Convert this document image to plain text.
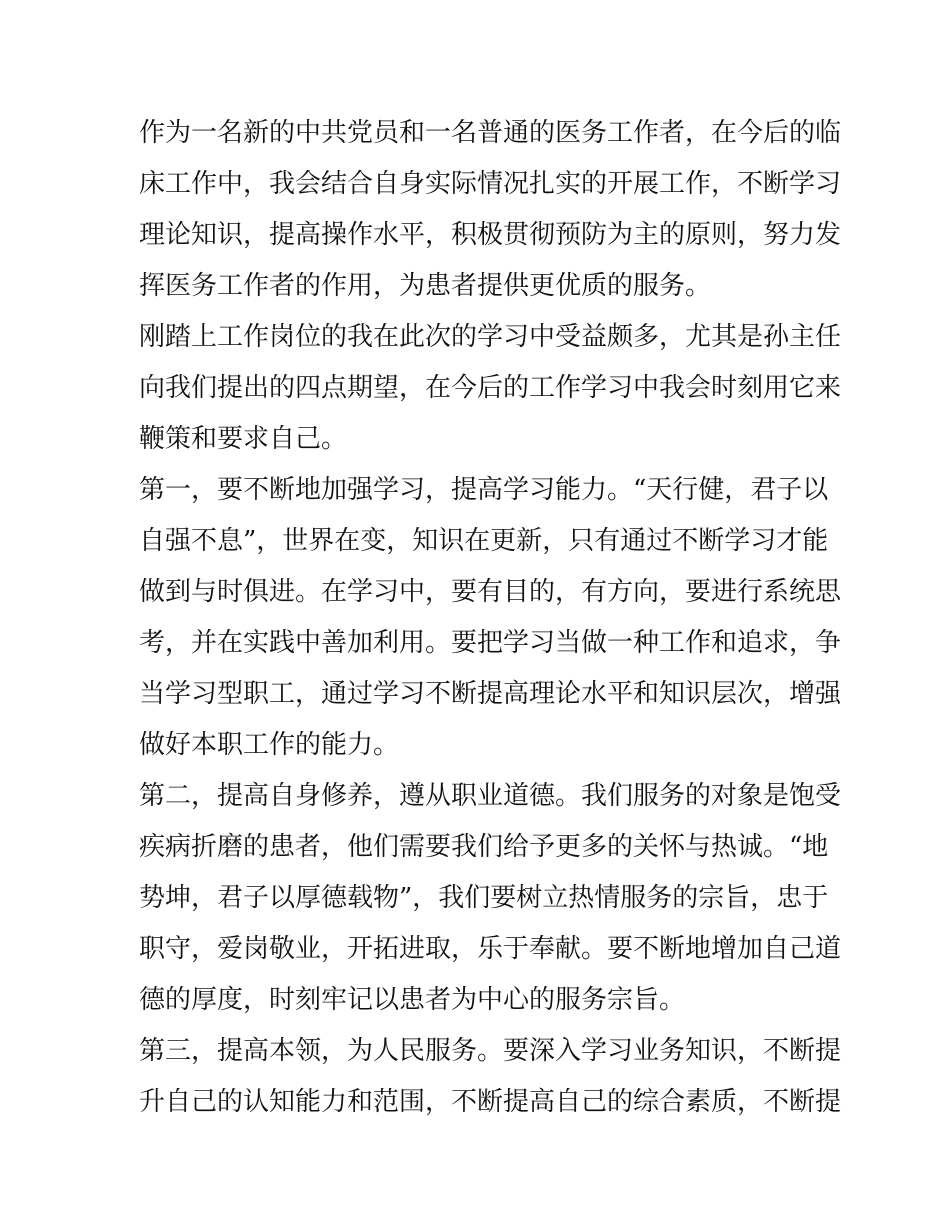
作为一名新的中共党员和一名普通的医务工作者，在今后的临
床工作中，我会结合自身实际情况扎实的开展工作，不断学习
理论知识，提高操作水平，积极贯彻预防为主的原则，努力发
挥医务工作者的作用，为患者提供更优质的服务。
刚踏上工作岗位的我在此次的学习中受益颇多，尤其是孙主任
向我们提出的四点期望，在今后的工作学习中我会时刻用它来
鞭策和要求自己。
第一，要不断地加强学习，提高学习能力。“天行健，君子以
自强不息”，世界在变，知识在更新，只有通过不断学习才能
做到与时俱进。在学习中，要有目的，有方向，要进行系统思
考，并在实践中善加利用。要把学习当做一种工作和追求，争
当学习型职工，通过学习不断提高理论水平和知识层次，增强
做好本职工作的能力。
第二，提高自身修养，遵从职业道德。我们服务的对象是饱受
疾病折磨的患者，他们需要我们给予更多的关怀与热诚。“地
势坤，君子以厚德载物”，我们要树立热情服务的宗旨，忠于
职守，爱岗敬业，开拓进取，乐于奉献。要不断地增加自己道
德的厚度，时刻牢记以患者为中心的服务宗旨。
第三，提高本领，为人民服务。要深入学习业务知识，不断提
升自己的认知能力和范围，不断提高自己的综合素质，不断提
